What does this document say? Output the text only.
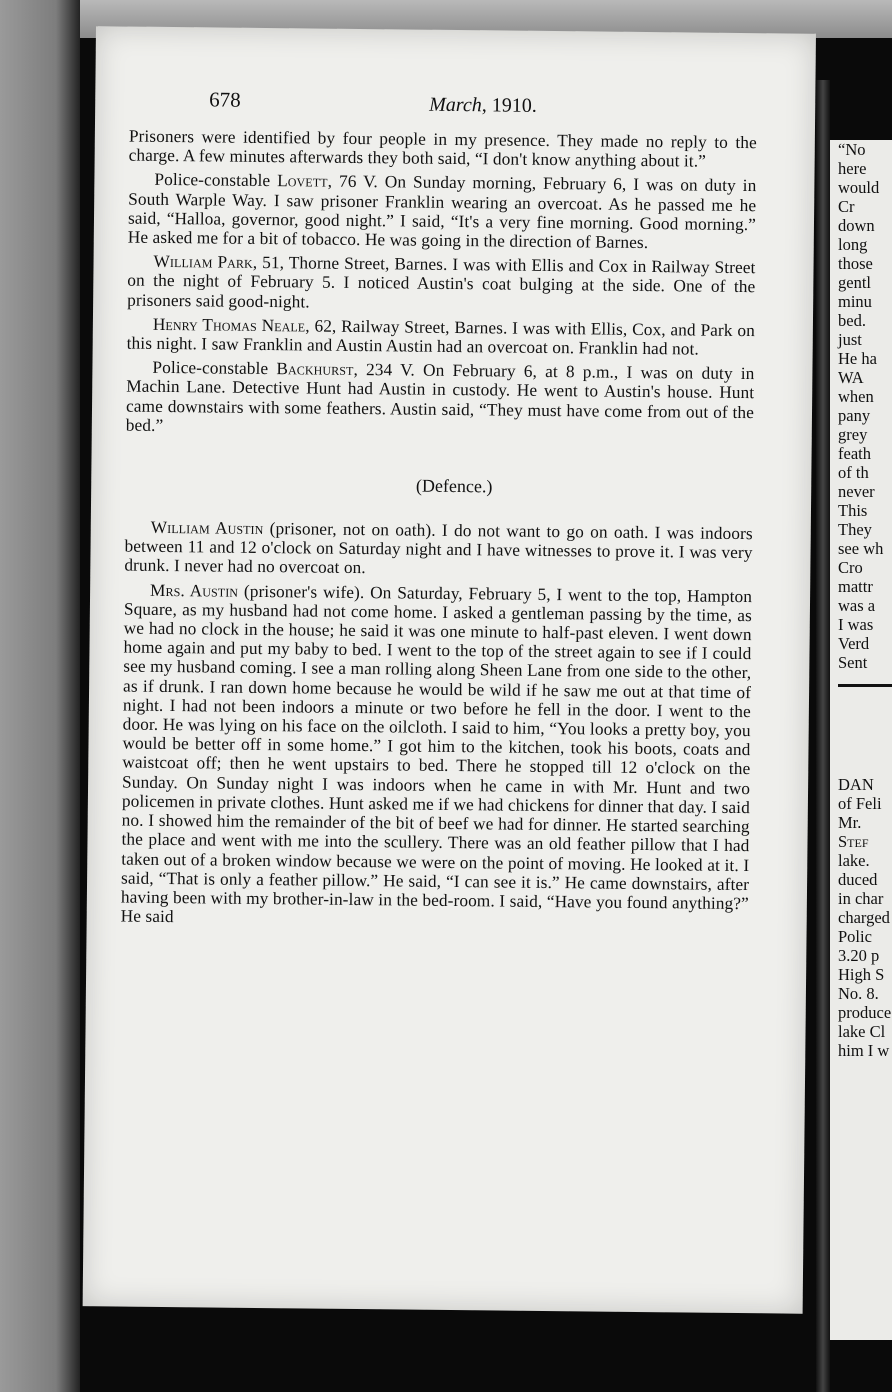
678	March, 1910.

Prisoners were identified by four people in my presence. They made no reply to the charge. A few minutes afterwards they both said, “I don't know anything about it.”

Police-constable Lovett, 76 V. On Sunday morning, February 6, I was on duty in South Warple Way. I saw prisoner Franklin wearing an overcoat. As he passed me he said, “Halloa, governor, good night.” I said, “It's a very fine morning. Good morning.” He asked me for a bit of tobacco. He was going in the direction of Barnes.

William Park, 51, Thorne Street, Barnes. I was with Ellis and Cox in Railway Street on the night of February 5. I noticed Austin's coat bulging at the side. One of the prisoners said good-night.

Henry Thomas Neale, 62, Railway Street, Barnes. I was with Ellis, Cox, and Park on this night. I saw Franklin and Austin Austin had an overcoat on. Franklin had not.

Police-constable Backhurst, 234 V. On February 6, at 8 p.m., I was on duty in Machin Lane. Detective Hunt had Austin in custody. He went to Austin's house. Hunt came downstairs with some feathers. Austin said, “They must have come from out of the bed.”

(Defence.)

William Austin (prisoner, not on oath). I do not want to go on oath. I was indoors between 11 and 12 o'clock on Saturday night and I have witnesses to prove it. I was very drunk. I never had no overcoat on.

Mrs. Austin (prisoner's wife). On Saturday, February 5, I went to the top, Hampton Square, as my husband had not come home. I asked a gentleman passing by the time, as we had no clock in the house; he said it was one minute to half-past eleven. I went down home again and put my baby to bed. I went to the top of the street again to see if I could see my husband coming. I see a man rolling along Sheen Lane from one side to the other, as if drunk. I ran down home because he would be wild if he saw me out at that time of night. I had not been indoors a minute or two before he fell in the door. I went to the door. He was lying on his face on the oilcloth. I said to him, “You looks a pretty boy, you would be better off in some home.” I got him to the kitchen, took his boots, coats and waistcoat off; then he went upstairs to bed. There he stopped till 12 o'clock on the Sunday. On Sunday night I was indoors when he came in with Mr. Hunt and two policemen in private clothes. Hunt asked me if we had chickens for dinner that day. I said no. I showed him the remainder of the bit of beef we had for dinner. He started searching the place and went with me into the scullery. There was an old feather pillow that I had taken out of a broken window because we were on the point of moving. He looked at it. I said, “That is only a feather pillow.” He said, “I can see it is.” He came downstairs, after having been with my brother-in-law in the bed-room. I said, “Have you found anything?” He said

“No
here
would
Cr
down
long
those
gentl
minu
bed.
just
He ha
WA
when
pany
grey
feath
of th
never
This
They
see wh
Cro
mattr
was a
I was
Verd
Sent
DAN
of Feli
Mr.
Stef
lake.
duced
in char
charged
Polic
3.20 p
High S
No. 8.
produce
lake Cl
him I w
